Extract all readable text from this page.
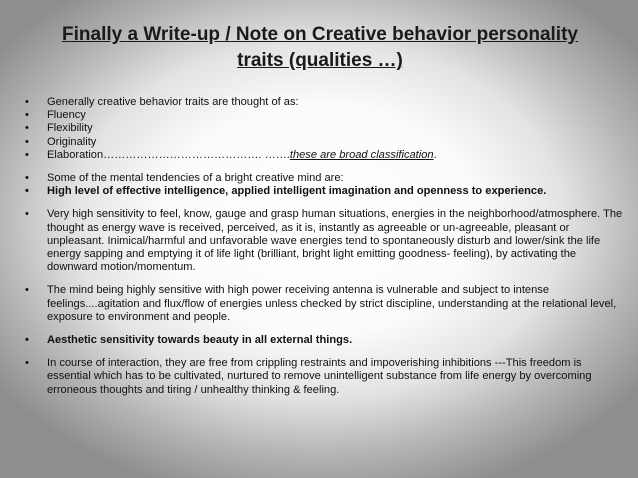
Finally a Write-up / Note on Creative behavior personality traits (qualities …)

• Generally creative behavior traits are thought of as:

• Fluency

• Flexibility

• Originality

• Elaboration……………………………………. …….these are broad classification.

• Some of the mental tendencies of a bright creative mind are:

• High level of effective intelligence, applied intelligent imagination and openness to experience.

• Very high sensitivity to feel, know, gauge and grasp human situations, energies in the neighborhood/atmosphere. The thought as energy wave is received, perceived, as it is, instantly as agreeable or un-agreeable, pleasant or unpleasant. Inimical/harmful and unfavorable wave energies tend to spontaneously disturb and lower/sink the life energy sapping and emptying it of life light (brilliant, bright light emitting goodness- feeling), by activating the downward motion/momentum.

• The mind being highly sensitive with high power receiving antenna is vulnerable and subject to intense feelings....agitation and flux/flow of energies unless checked by strict discipline, understanding at the relational level, exposure to environment and people.

• Aesthetic sensitivity towards beauty in all external things.

• In course of interaction, they are free from crippling restraints and impoverishing inhibitions ---This freedom is essential which has to be cultivated, nurtured to remove unintelligent substance from life energy by overcoming erroneous thoughts and tiring / unhealthy thinking & feeling.
